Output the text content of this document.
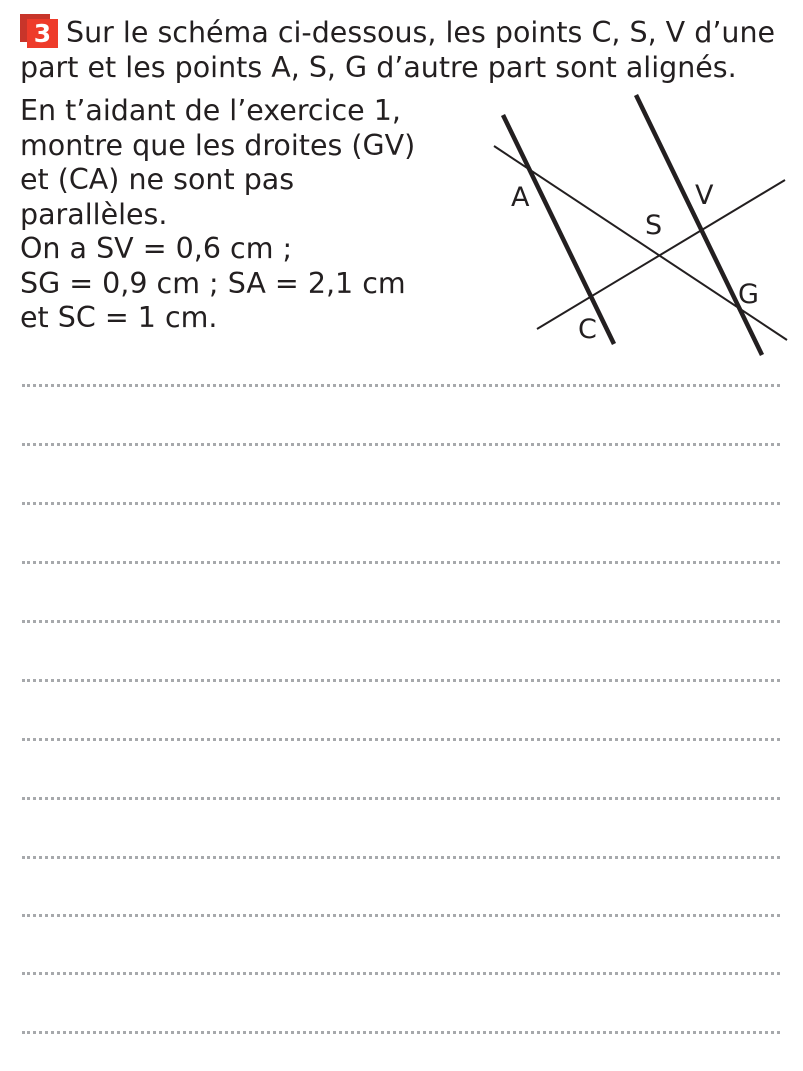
3 Sur le schéma ci-dessous, les points C, S, V d’une
part et les points A, S, G d’autre part sont alignés.
En t’aidant de l’exercice 1,
montre que les droites (GV)
et (CA) ne sont pas
parallèles.
On a SV = 0,6 cm ;
SG = 0,9 cm ; SA = 2,1 cm
et SC = 1 cm.
A	V
S
G
C
